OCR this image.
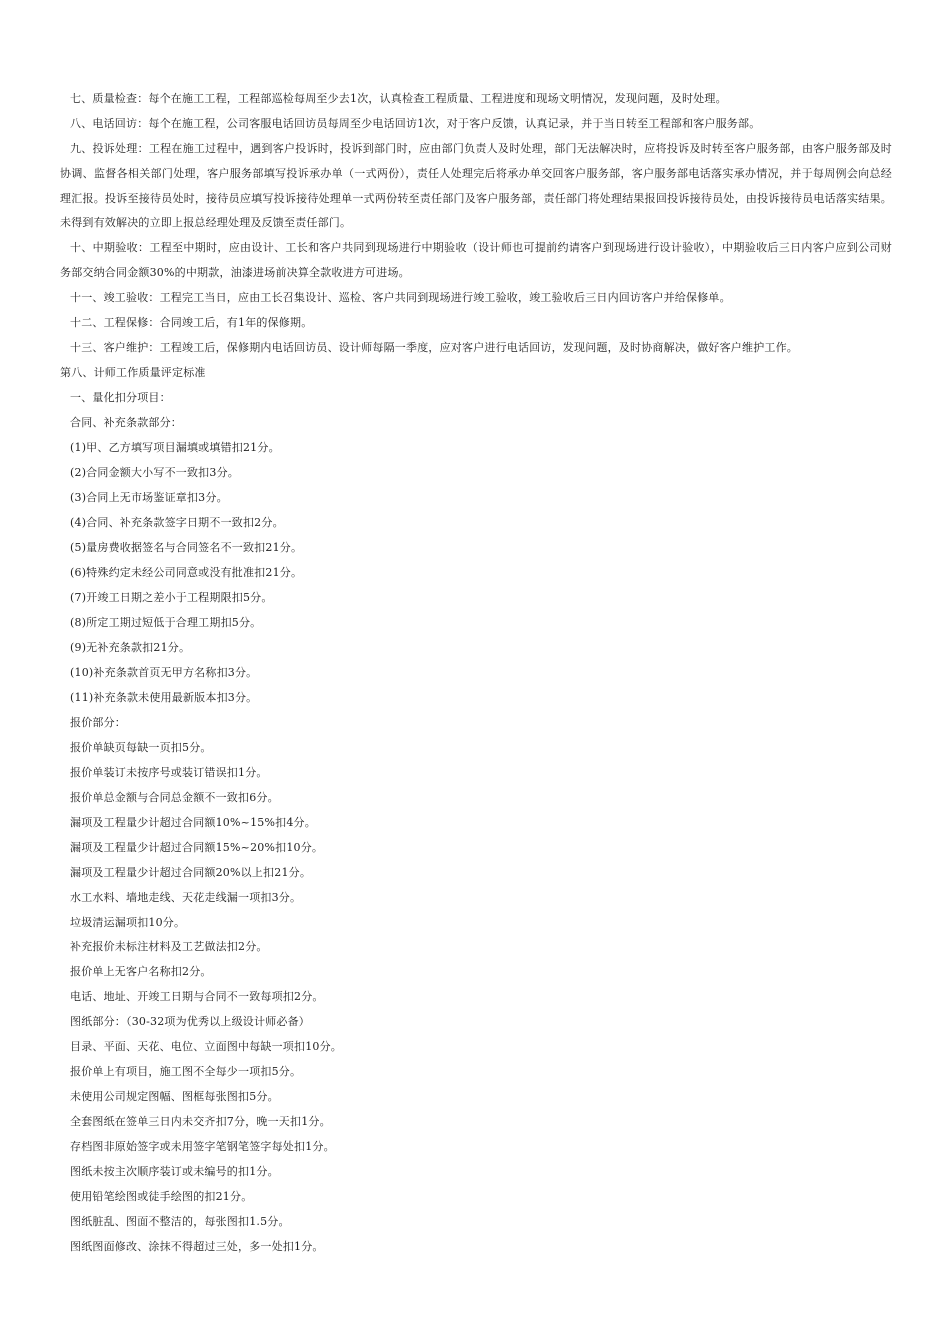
七、质量检查：每个在施工工程，工程部巡检每周至少去1次，认真检查工程质量、工程进度和现场文明情况，发现问题，及时处理。
八、电话回访：每个在施工程，公司客服电话回访员每周至少电话回访1次，对于客户反馈，认真记录，并于当日转至工程部和客户服务部。
九、投诉处理：工程在施工过程中，遇到客户投诉时，投诉到部门时，应由部门负责人及时处理，部门无法解决时，应将投诉及时转至客户服务部，由客户服务部及时协调、监督各相关部门处理，客户服务部填写投诉承办单（一式两份），责任人处理完后将承办单交回客户服务部，客户服务部电话落实承办情况，并于每周例会向总经理汇报。投诉至接待员处时，接待员应填写投诉接待处理单一式两份转至责任部门及客户服务部，责任部门将处理结果报回投诉接待员处，由投诉接待员电话落实结果。未得到有效解决的立即上报总经理处理及反馈至责任部门。
十、中期验收：工程至中期时，应由设计、工长和客户共同到现场进行中期验收（设计师也可提前约请客户到现场进行设计验收），中期验收后三日内客户应到公司财务部交纳合同金额30%的中期款，油漆进场前决算全款收进方可进场。
十一、竣工验收：工程完工当日，应由工长召集设计、巡检、客户共同到现场进行竣工验收，竣工验收后三日内回访客户并给保修单。
十二、工程保修：合同竣工后，有1年的保修期。
十三、客户维护：工程竣工后，保修期内电话回访员、设计师每隔一季度，应对客户进行电话回访，发现问题，及时协商解决，做好客户维护工作。
第八、计师工作质量评定标准
一、量化扣分项目：
合同、补充条款部分：
(1)甲、乙方填写项目漏填或填错扣21分。
(2)合同金额大小写不一致扣3分。
(3)合同上无市场鉴证章扣3分。
(4)合同、补充条款签字日期不一致扣2分。
(5)量房费收据签名与合同签名不一致扣21分。
(6)特殊约定未经公司同意或没有批准扣21分。
(7)开竣工日期之差小于工程期限扣5分。
(8)所定工期过短低于合理工期扣5分。
(9)无补充条款扣21分。
(10)补充条款首页无甲方名称扣3分。
(11)补充条款未使用最新版本扣3分。
报价部分：
报价单缺页每缺一页扣5分。
报价单装订未按序号或装订错误扣1分。
报价单总金额与合同总金额不一致扣6分。
漏项及工程量少计超过合同额10%~15%扣4分。
漏项及工程量少计超过合同额15%~20%扣10分。
漏项及工程量少计超过合同额20%以上扣21分。
水工水料、墙地走线、天花走线漏一项扣3分。
垃圾清运漏项扣10分。
补充报价未标注材料及工艺做法扣2分。
报价单上无客户名称扣2分。
电话、地址、开竣工日期与合同不一致每项扣2分。
图纸部分：（30-32项为优秀以上级设计师必备）
目录、平面、天花、电位、立面图中每缺一项扣10分。
报价单上有项目，施工图不全每少一项扣5分。
未使用公司规定图幅、图框每张图扣5分。
全套图纸在签单三日内未交齐扣7分，晚一天扣1分。
存档图非原始签字或未用签字笔钢笔签字每处扣1分。
图纸未按主次顺序装订或未编号的扣1分。
使用铅笔绘图或徒手绘图的扣21分。
图纸脏乱、图面不整洁的，每张图扣1.5分。
图纸图面修改、涂抹不得超过三处，多一处扣1分。
